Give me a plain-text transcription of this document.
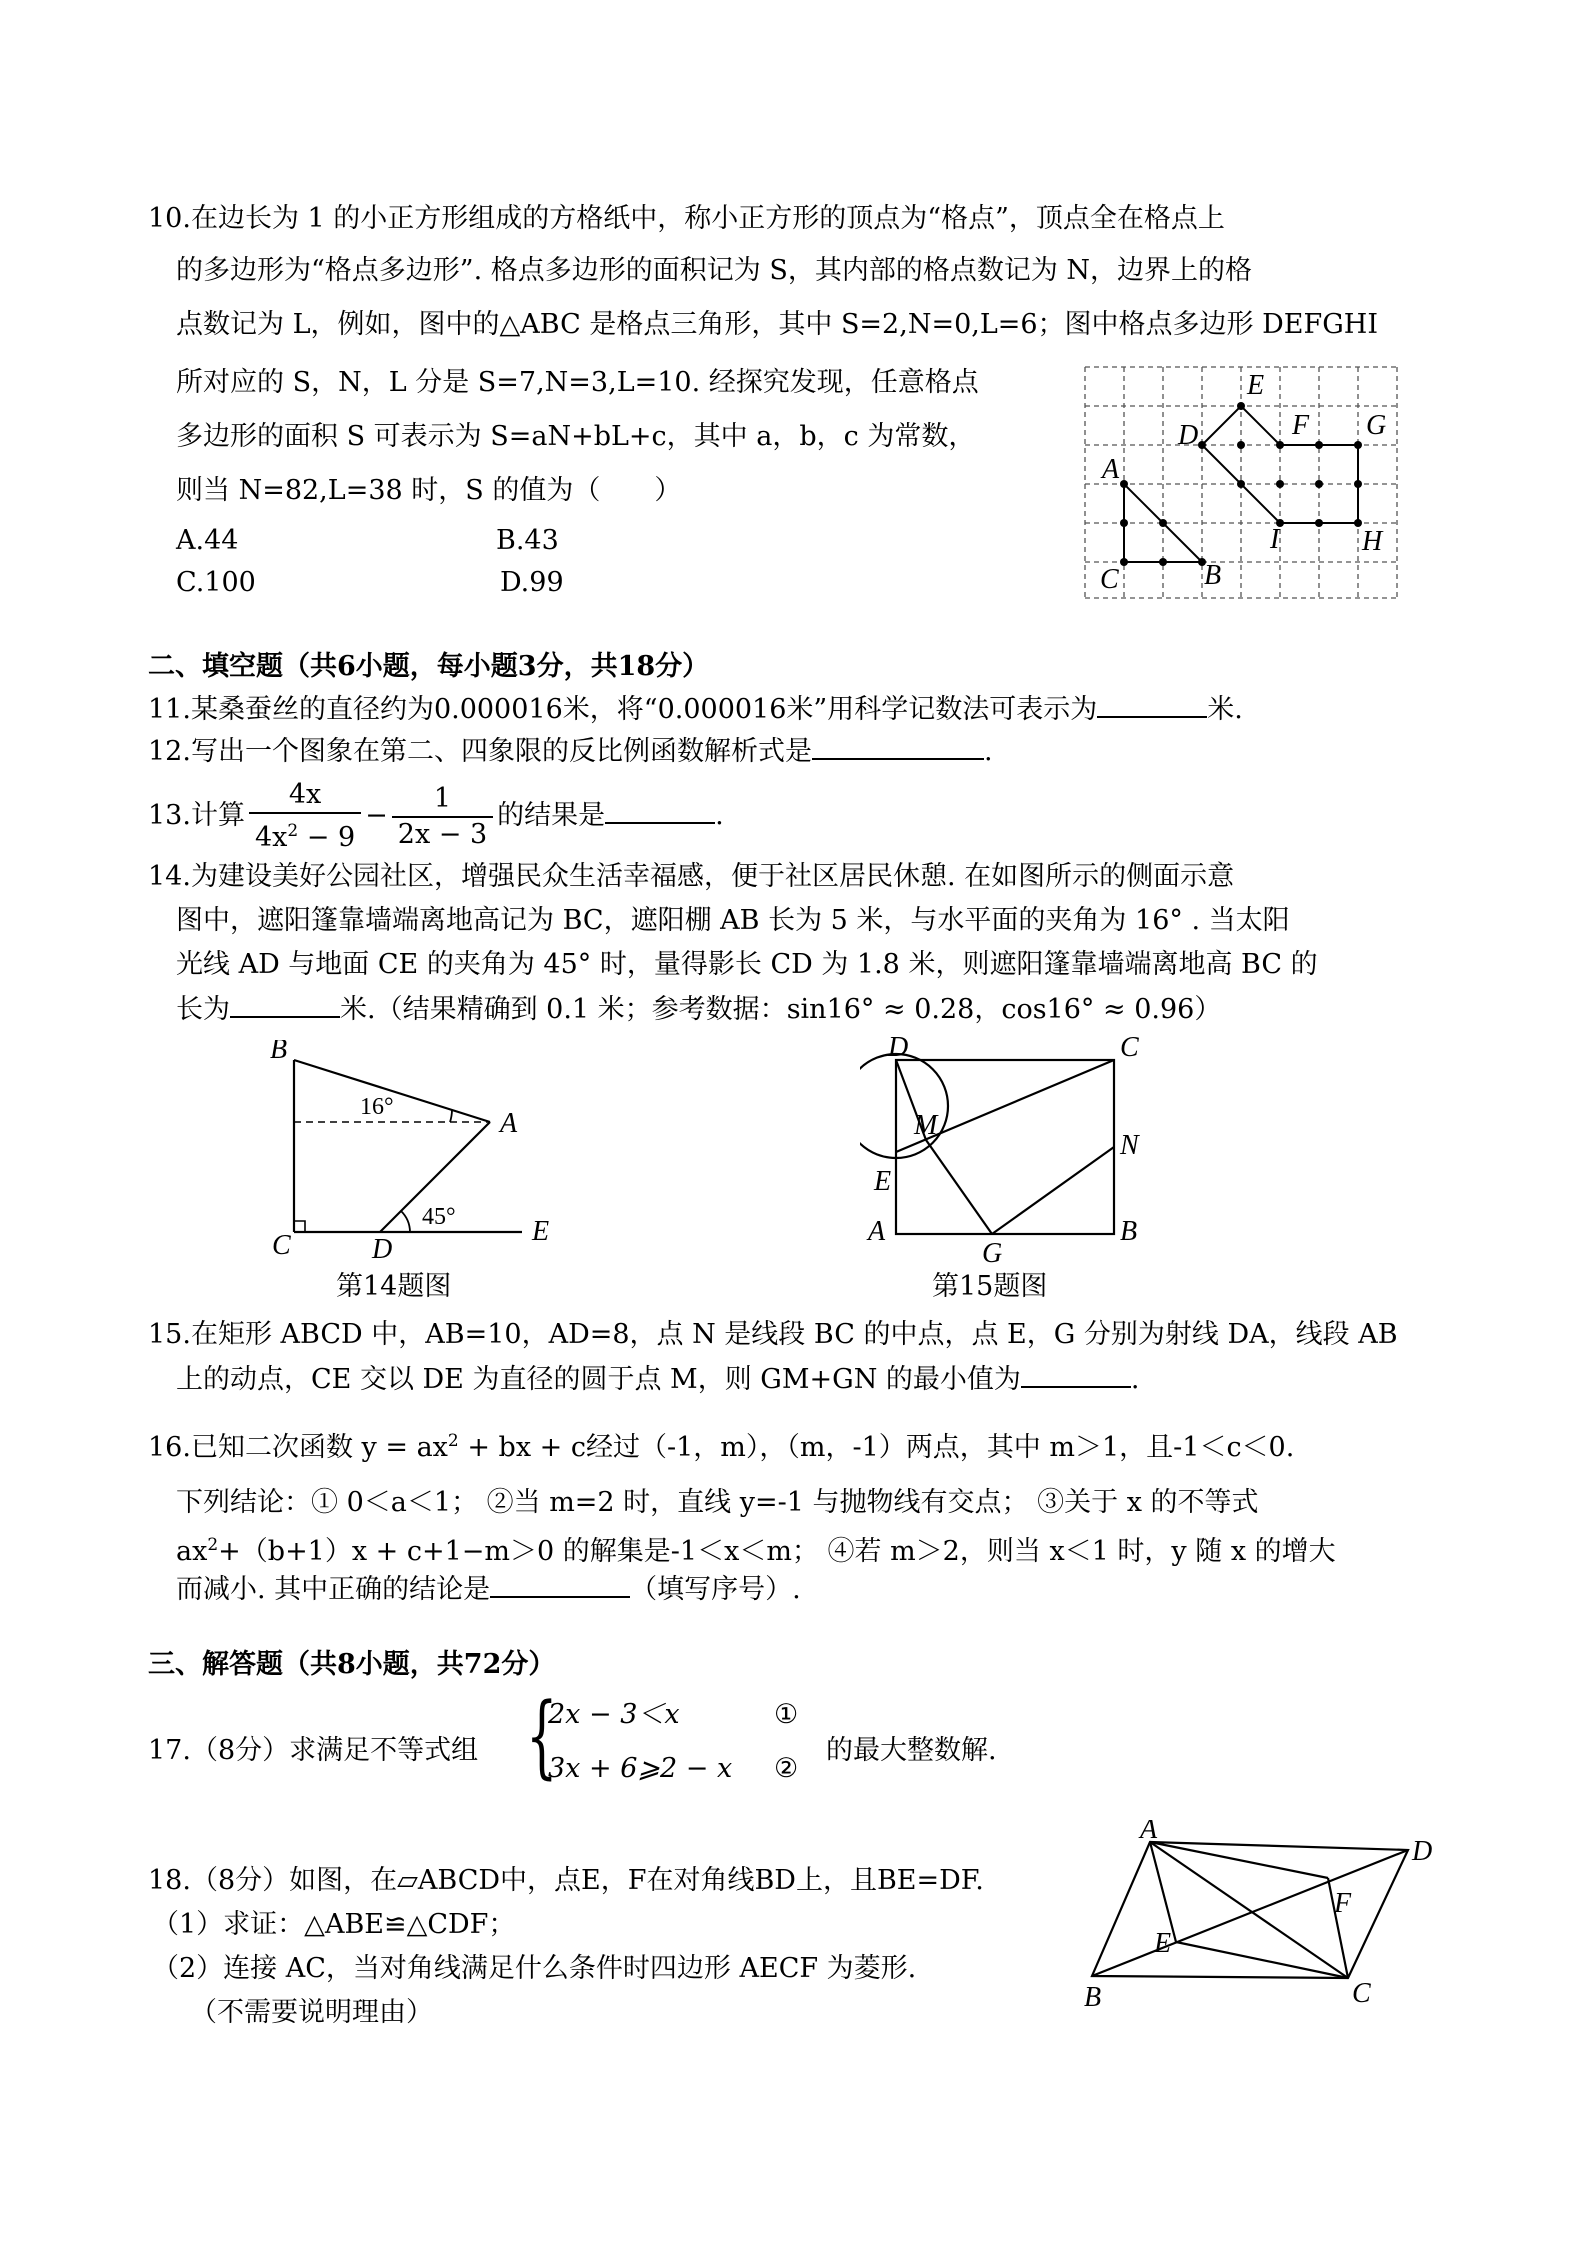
10.在边长为 1 的小正方形组成的方格纸中，称小正方形的顶点为“格点”，顶点全在格点上
的多边形为“格点多边形”. 格点多边形的面积记为 S，其内部的格点数记为 N，边界上的格
点数记为 L，例如，图中的△ABC 是格点三角形，其中 S=2,N=0,L=6；图中格点多边形 DEFGHI
所对应的 S，N，L 分是 S=7,N=3,L=10. 经探究发现，任意格点
多边形的面积 S 可表示为 S=aN+bL+c，其中 a，b，c 为常数，
则当 N=82,L=38 时，S 的值为（　　）
A.44	B.43
C.100	D.99
E
D	F G
A
I	H
C	B
二、填空题（共6小题，每小题3分，共18分）
11.某桑蚕丝的直径约为0.000016米，将“0.000016米”用科学记数法可表示为	米.
12.写出一个图象在第二、四象限的反比例函数解析式是	.
13.计算 $\frac{4x}{4x^2 - 9} - \frac{1}{2x - 3}$ 的结果是	.
14.为建设美好公园社区，增强民众生活幸福感，便于社区居民休憩. 在如图所示的侧面示意
图中，遮阳篷靠墙端离地高记为 BC，遮阳棚 AB 长为 5 米，与水平面的夹角为 16° . 当太阳
光线 AD 与地面 CE 的夹角为 45° 时，量得影长 CD 为 1.8 米，则遮阳篷靠墙端离地高 BC 的
长为	米.（结果精确到 0.1 米；参考数据：sin16° ≈ 0.28，cos16° ≈ 0.96）
B
A
C	D
E
16°
45°
第14题图
D	C
M
N
E
A
G
B
第15题图
15.在矩形 ABCD 中，AB=10，AD=8，点 N 是线段 BC 的中点，点 E，G 分别为射线 DA，线段 AB
上的动点，CE 交以 DE 为直径的圆于点 M，则 GM+GN 的最小值为	.
16.已知二次函数 $y = ax^2$ + bx + c经过（-1，m），（m，-1）两点，其中 m＞1，且-1＜c＜0.
下列结论：① 0＜a＜1； ②当 m=2 时，直线 y=-1 与抛物线有交点； ③关于 x 的不等式
$ax^2+(b+1)x + c+1-m>0$ 的解集是-1＜x＜m； ④若 m＞2，则当 x＜1 时，y 随 x 的增大
而减小. 其中正确的结论是	（填写序号）.
三、解答题（共8小题，共72分）
17.（8分）求满足不等式组 {
2x − 3＜x	①
3x + 6⩾2 − x ②
的最大整数解.
18.（8分）如图，在▱ABCD中，点E，F在对角线BD上，且BE=DF.
（1）求证：△ABE≌△CDF；
（2）连接 AC，当对角线满足什么条件时四边形 AECF 为菱形.
（不需要说明理由）
A
D
F
E
B	C
